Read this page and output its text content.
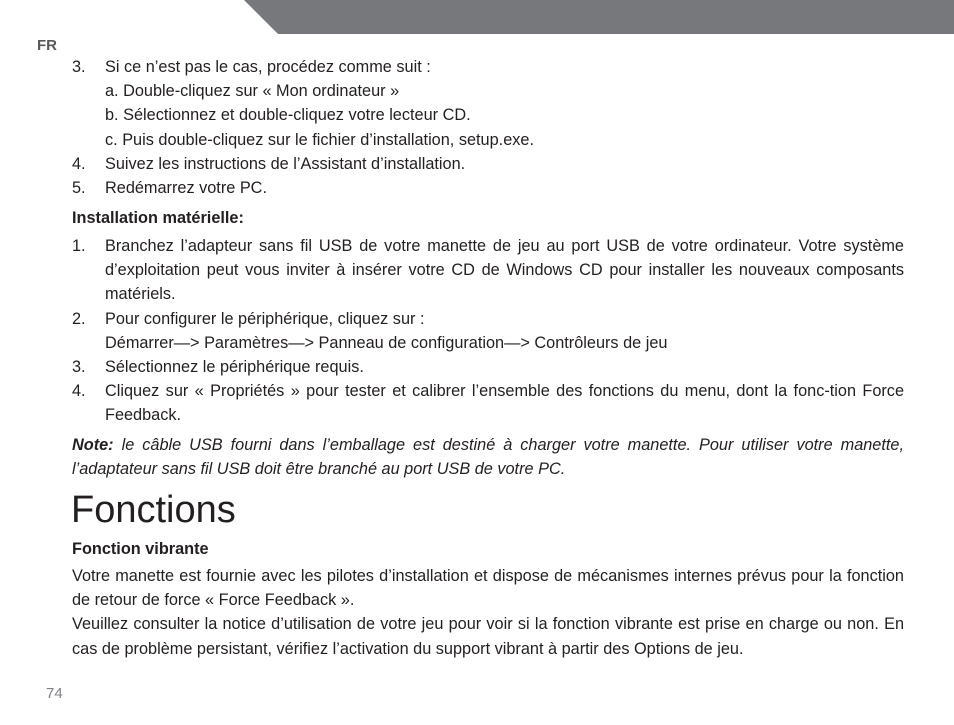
FR
3. Si ce n’est pas le cas, procédez comme suit :
a. Double-cliquez sur « Mon ordinateur »
b. Sélectionnez et double-cliquez votre lecteur CD.
c. Puis double-cliquez sur le fichier d’installation, setup.exe.
4. Suivez les instructions de l’Assistant d’installation.
5. Redémarrez votre PC.
Installation matérielle:
1. Branchez l’adapteur sans fil USB de votre manette de jeu au port USB de votre ordinateur. Votre système d’exploitation peut vous inviter à insérer votre CD de Windows CD pour installer les nouveaux composants matériels.
2. Pour configurer le périphérique, cliquez sur :
Démarrer—> Paramètres—> Panneau de configuration—> Contrôleurs de jeu
3. Sélectionnez le périphérique requis.
4. Cliquez sur « Propriétés » pour tester et calibrer l’ensemble des fonctions du menu, dont la fonc-tion Force Feedback.
Note: le câble USB fourni dans l’emballage est destiné à charger votre manette. Pour utiliser votre manette, l’adaptateur sans fil USB doit être branché au port USB de votre PC.
Fonctions
Fonction vibrante

Votre manette est fournie avec les pilotes d’installation et dispose de mécanismes internes prévus pour la fonction de retour de force « Force Feedback ».

Veuillez consulter la notice d’utilisation de votre jeu pour voir si la fonction vibrante est prise en charge ou non. En cas de problème persistant, vérifiez l’activation du support vibrant à partir des Options de jeu.

74
